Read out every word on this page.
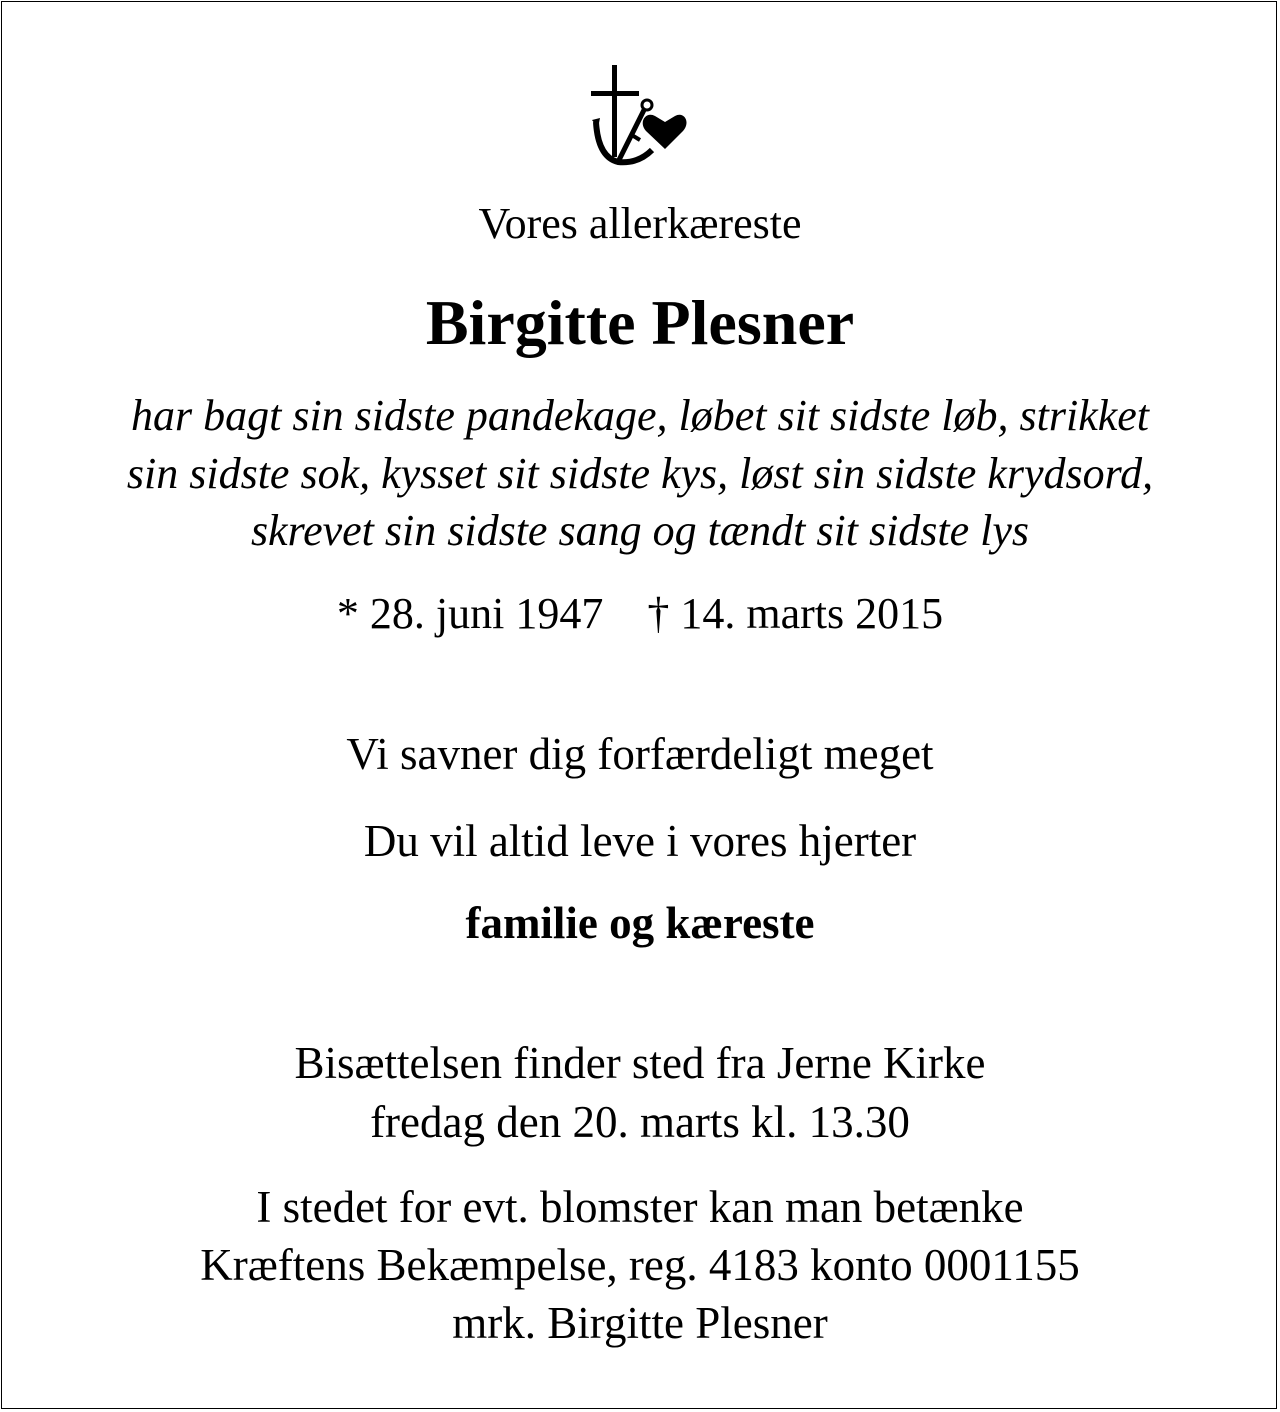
Vores allerkæreste
Birgitte Plesner
har bagt sin sidste pandekage, løbet sit sidste løb, strikket
sin sidste sok, kysset sit sidste kys, løst sin sidste krydsord,
skrevet sin sidste sang og tændt sit sidste lys
* 28. juni 1947 † 14. marts 2015
Vi savner dig forfærdeligt meget
Du vil altid leve i vores hjerter
familie og kæreste
Bisættelsen finder sted fra Jerne Kirke
fredag den 20. marts kl. 13.30
I stedet for evt. blomster kan man betænke
Kræftens Bekæmpelse, reg. 4183 konto 0001155
mrk. Birgitte Plesner
